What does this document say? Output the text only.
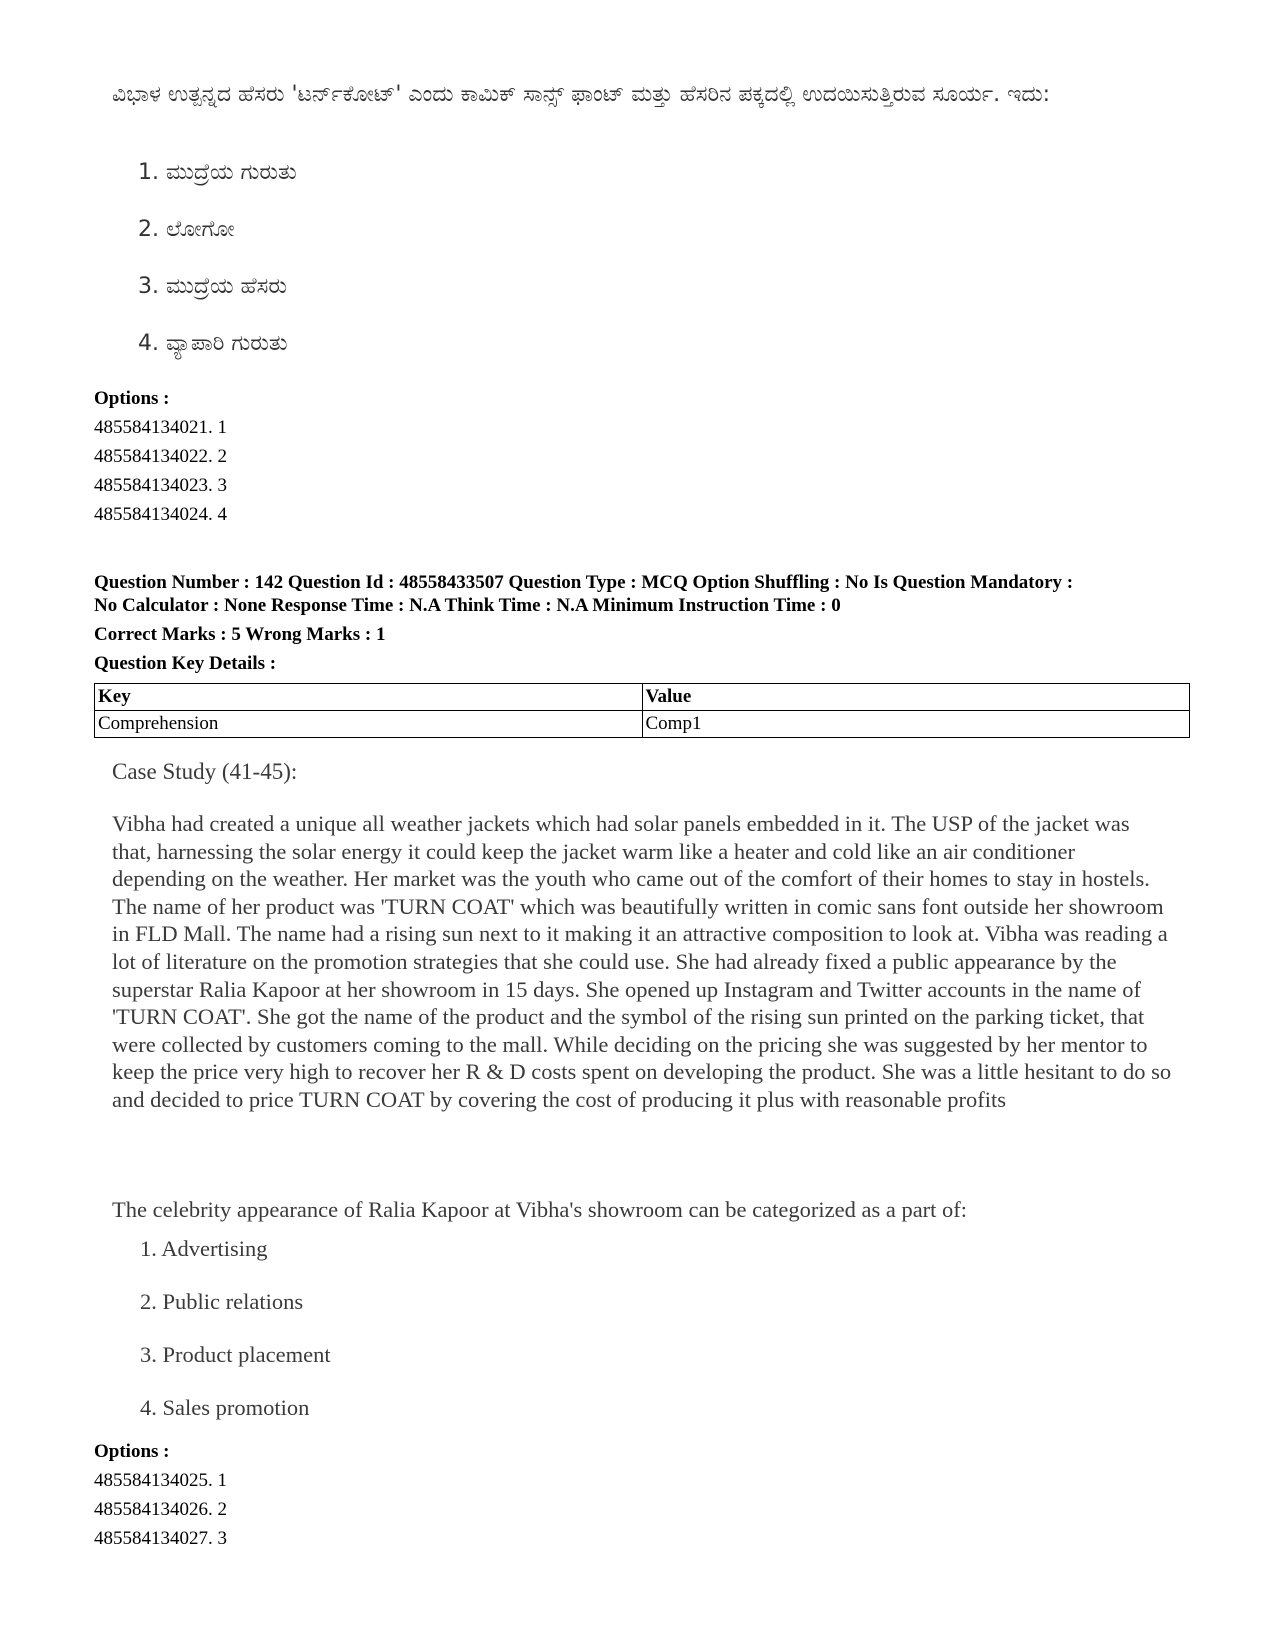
ವಿಭಾಳ ಉತ್ಪನ್ನದ ಹೆಸರು 'ಟರ್ನ್‌ಕೋಟ್' ಎಂದು ಕಾಮಿಕ್ ಸಾನ್ಸ್ ಫಾಂಟ್ ಮತ್ತು ಹೆಸರಿನ ಪಕ್ಕದಲ್ಲಿ ಉದಯಿಸುತ್ತಿರುವ ಸೂರ್ಯ. ಇದು:
1. ಮುದ್ರೆಯ ಗುರುತು
2. ಲೋಗೋ
3. ಮುದ್ರೆಯ ಹೆಸರು
4. ವ್ಯಾಪಾರಿ ಗುರುತು
Options :
485584134021. 1
485584134022. 2
485584134023. 3
485584134024. 4
Question Number : 142 Question Id : 48558433507 Question Type : MCQ Option Shuffling : No Is Question Mandatory :
No Calculator : None Response Time : N.A Think Time : N.A Minimum Instruction Time : 0
Correct Marks : 5 Wrong Marks : 1
Question Key Details :
Key	Value
Comprehension	Comp1
Case Study (41-45):
Vibha had created a unique all weather jackets which had solar panels embedded in it. The USP of the jacket was that, harnessing the solar energy it could keep the jacket warm like a heater and cold like an air conditioner depending on the weather. Her market was the youth who came out of the comfort of their homes to stay in hostels. The name of her product was 'TURN COAT' which was beautifully written in comic sans font outside her showroom in FLD Mall. The name had a rising sun next to it making it an attractive composition to look at. Vibha was reading a lot of literature on the promotion strategies that she could use. She had already fixed a public appearance by the superstar Ralia Kapoor at her showroom in 15 days. She opened up Instagram and Twitter accounts in the name of 'TURN COAT'. She got the name of the product and the symbol of the rising sun printed on the parking ticket, that were collected by customers coming to the mall. While deciding on the pricing she was suggested by her mentor to keep the price very high to recover her R & D costs spent on developing the product. She was a little hesitant to do so and decided to price TURN COAT by covering the cost of producing it plus with reasonable profits
The celebrity appearance of Ralia Kapoor at Vibha's showroom can be categorized as a part of:
1. Advertising
2. Public relations
3. Product placement
4. Sales promotion
Options :
485584134025. 1
485584134026. 2
485584134027. 3
